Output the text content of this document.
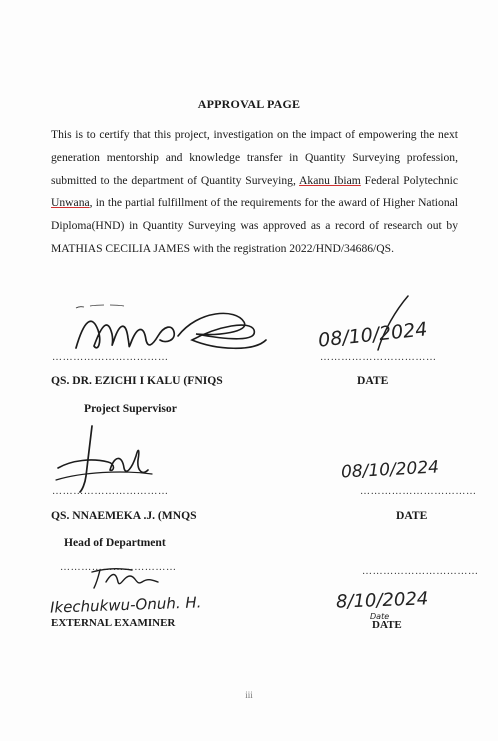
APPROVAL PAGE
This is to certify that this project, investigation on the impact of empowering the next generation mentorship and knowledge transfer in Quantity Surveying profession, submitted to the department of Quantity Surveying, Akanu Ibiam Federal Polytechnic Unwana, in the partial fulfillment of the requirements for the award of Higher National Diploma(HND) in Quantity Surveying was approved as a record of research out by MATHIAS CECILIA JAMES with the registration 2022/HND/34686/QS.
……………………………
QS. DR. EZICHI I KALU (FNIQS
Project Supervisor
08/10/2024
……………………………
DATE
……………………………
QS. NNAEMEKA .J. (MNQS
Head of Department
08/10/2024
……………………………
DATE
……………………………
Ikechukwu-Onuh. H.
EXTERNAL EXAMINER
……………………………
8/10/2024
Date
DATE
iii
